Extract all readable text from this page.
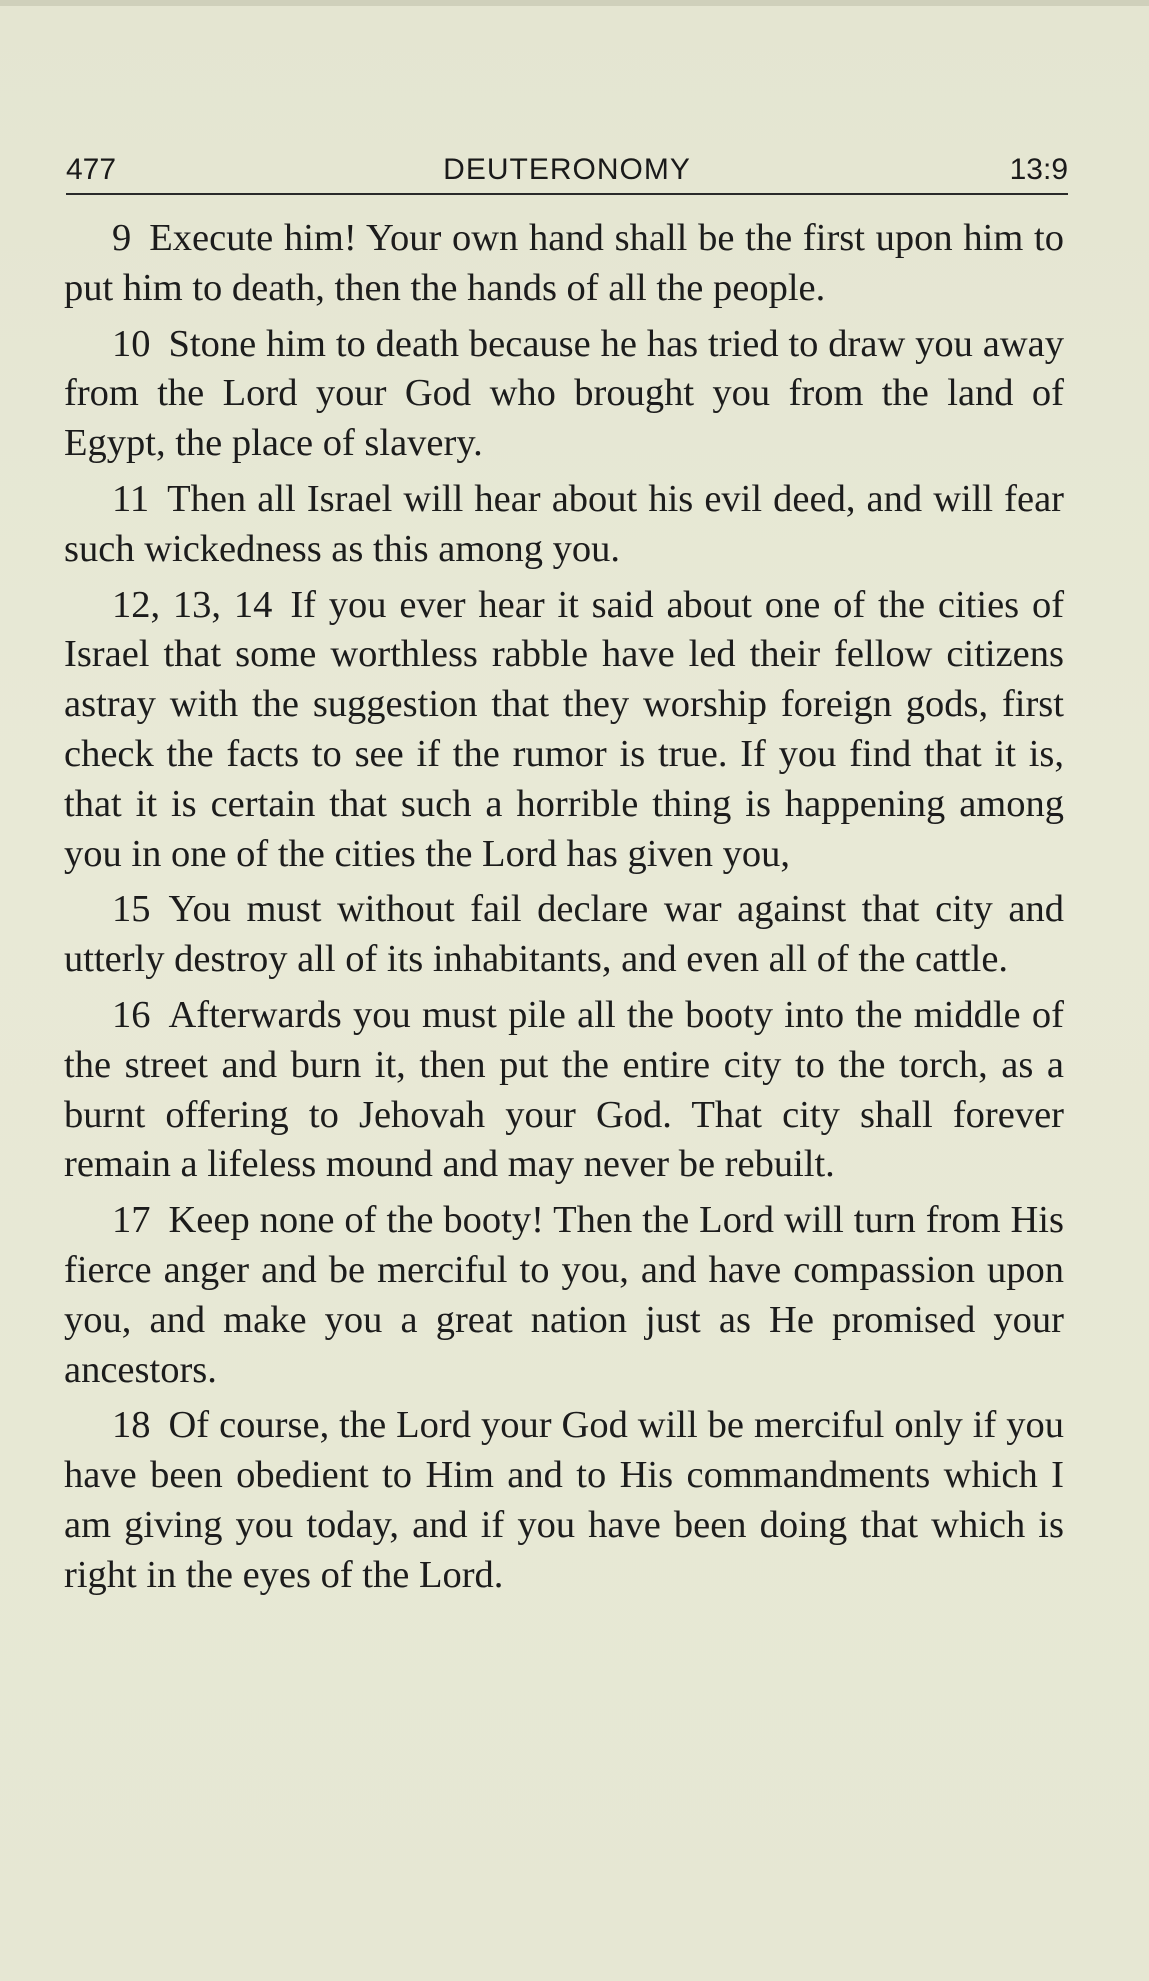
477	DEUTERONOMY	13:9

9 Execute him! Your own hand shall be the first upon him to put him to death, then the hands of all the people.

10 Stone him to death because he has tried to draw you away from the Lord your God who brought you from the land of Egypt, the place of slavery.

11 Then all Israel will hear about his evil deed, and will fear such wickedness as this among you.

12, 13, 14 If you ever hear it said about one of the cities of Israel that some worthless rabble have led their fellow citizens astray with the suggestion that they worship foreign gods, first check the facts to see if the rumor is true. If you find that it is, that it is certain that such a horrible thing is happening among you in one of the cities the Lord has given you,

15 You must without fail declare war against that city and utterly destroy all of its inhabitants, and even all of the cattle.

16 Afterwards you must pile all the booty into the middle of the street and burn it, then put the entire city to the torch, as a burnt offering to Jehovah your God. That city shall forever remain a lifeless mound and may never be rebuilt.

17 Keep none of the booty! Then the Lord will turn from His fierce anger and be merciful to you, and have compassion upon you, and make you a great nation just as He promised your ancestors.

18 Of course, the Lord your God will be merciful only if you have been obedient to Him and to His commandments which I am giving you today, and if you have been doing that which is right in the eyes of the Lord.
